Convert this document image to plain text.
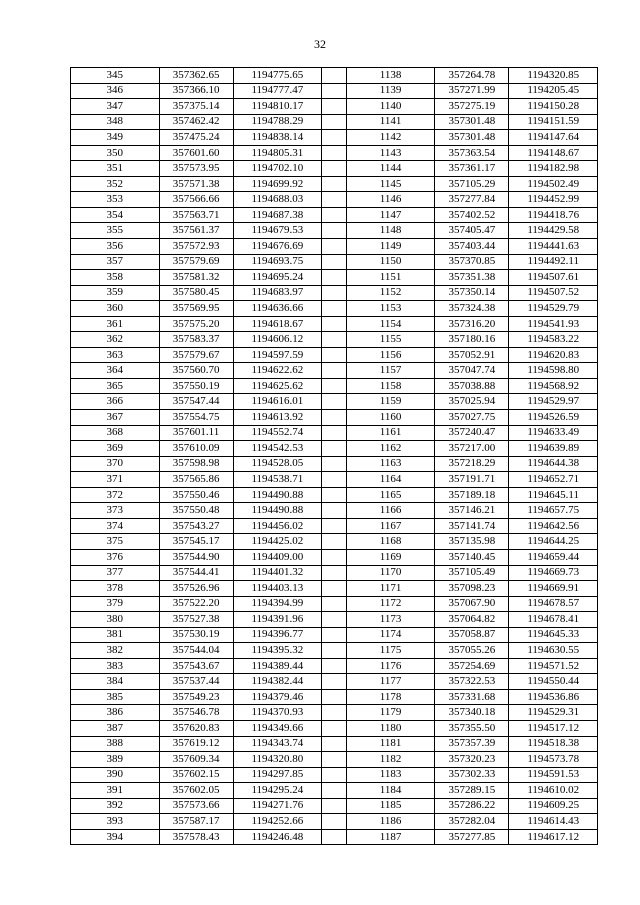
32
345	357362.65	1194775.65		1138	357264.78	1194320.85
346	357366.10	1194777.47		1139	357271.99	1194205.45
347	357375.14	1194810.17		1140	357275.19	1194150.28
348	357462.42	1194788.29		1141	357301.48	1194151.59
349	357475.24	1194838.14		1142	357301.48	1194147.64
350	357601.60	1194805.31		1143	357363.54	1194148.67
351	357573.95	1194702.10		1144	357361.17	1194182.98
352	357571.38	1194699.92		1145	357105.29	1194502.49
353	357566.66	1194688.03		1146	357277.84	1194452.99
354	357563.71	1194687.38		1147	357402.52	1194418.76
355	357561.37	1194679.53		1148	357405.47	1194429.58
356	357572.93	1194676.69		1149	357403.44	1194441.63
357	357579.69	1194693.75		1150	357370.85	1194492.11
358	357581.32	1194695.24		1151	357351.38	1194507.61
359	357580.45	1194683.97		1152	357350.14	1194507.52
360	357569.95	1194636.66		1153	357324.38	1194529.79
361	357575.20	1194618.67		1154	357316.20	1194541.93
362	357583.37	1194606.12		1155	357180.16	1194583.22
363	357579.67	1194597.59		1156	357052.91	1194620.83
364	357560.70	1194622.62		1157	357047.74	1194598.80
365	357550.19	1194625.62		1158	357038.88	1194568.92
366	357547.44	1194616.01		1159	357025.94	1194529.97
367	357554.75	1194613.92		1160	357027.75	1194526.59
368	357601.11	1194552.74		1161	357240.47	1194633.49
369	357610.09	1194542.53		1162	357217.00	1194639.89
370	357598.98	1194528.05		1163	357218.29	1194644.38
371	357565.86	1194538.71		1164	357191.71	1194652.71
372	357550.46	1194490.88		1165	357189.18	1194645.11
373	357550.48	1194490.88		1166	357146.21	1194657.75
374	357543.27	1194456.02		1167	357141.74	1194642.56
375	357545.17	1194425.02		1168	357135.98	1194644.25
376	357544.90	1194409.00		1169	357140.45	1194659.44
377	357544.41	1194401.32		1170	357105.49	1194669.73
378	357526.96	1194403.13		1171	357098.23	1194669.91
379	357522.20	1194394.99		1172	357067.90	1194678.57
380	357527.38	1194391.96		1173	357064.82	1194678.41
381	357530.19	1194396.77		1174	357058.87	1194645.33
382	357544.04	1194395.32		1175	357055.26	1194630.55
383	357543.67	1194389.44		1176	357254.69	1194571.52
384	357537.44	1194382.44		1177	357322.53	1194550.44
385	357549.23	1194379.46		1178	357331.68	1194536.86
386	357546.78	1194370.93		1179	357340.18	1194529.31
387	357620.83	1194349.66		1180	357355.50	1194517.12
388	357619.12	1194343.74		1181	357357.39	1194518.38
389	357609.34	1194320.80		1182	357320.23	1194573.78
390	357602.15	1194297.85		1183	357302.33	1194591.53
391	357602.05	1194295.24		1184	357289.15	1194610.02
392	357573.66	1194271.76		1185	357286.22	1194609.25
393	357587.17	1194252.66		1186	357282.04	1194614.43
394	357578.43	1194246.48		1187	357277.85	1194617.12
